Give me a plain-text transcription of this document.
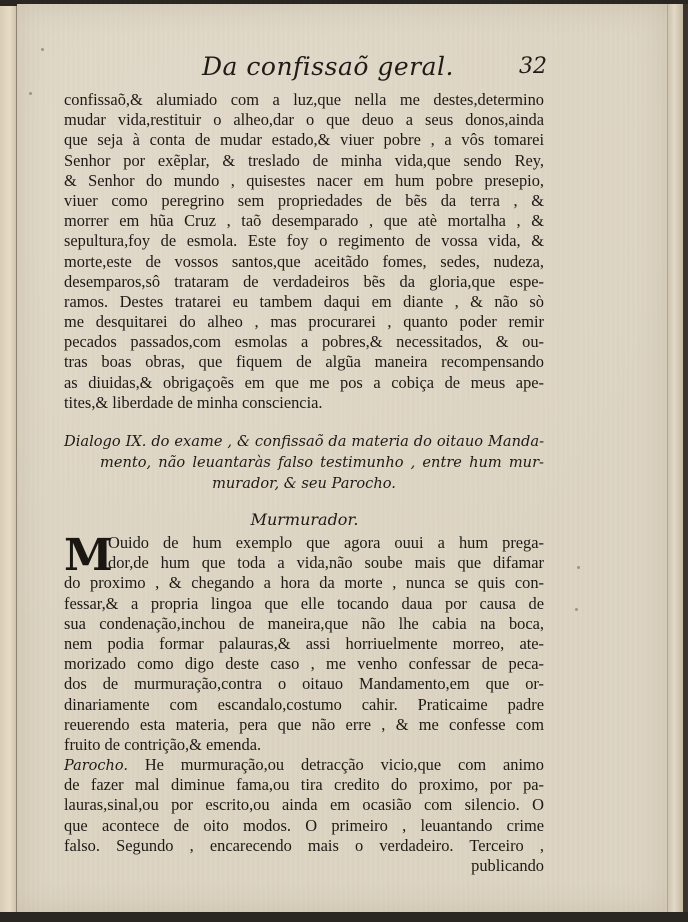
Da confissaõ geral.	32
confissaõ,& alumiado com a luz,que nella me destes,determino
mudar vida,restituir o alheo,dar o que deuo a seus donos,ainda
que seja à conta de mudar estado,& viuer pobre , a vôs tomarei
Senhor por exẽplar, & treslado de minha vida,que sendo Rey,
& Senhor do mundo , quisestes nacer em hum pobre presepio,
viuer como peregrino sem propriedades de bẽs da terra , &
morrer em hũa Cruz , taõ desemparado , que atè mortalha , &
sepultura,foy de esmola. Este foy o regimento de vossa vida, &
morte,este de vossos santos,que aceitãdo fomes, sedes, nudeza,
desemparos,sô trataram de verdadeiros bẽs da gloria,que espe-
ramos. Destes tratarei eu tambem daqui em diante , & não sò
me desquitarei do alheo , mas procurarei , quanto poder remir
pecados passados,com esmolas a pobres,& necessitados, & ou-
tras boas obras, que fiquem de algũa maneira recompensando
as diuidas,& obrigaçoẽs em que me pos a cobiça de meus ape-
tites,& liberdade de minha consciencia.
Dialogo IX. do exame , & confissaõ da materia do oitauo Manda-
mento, não leuantaràs falso testimunho , entre hum mur-
murador, & seu Parocho.
Murmurador.
M
Ouido de hum exemplo que agora ouui a hum prega-
dor,de hum que toda a vida,não soube mais que difamar
do proximo , & chegando a hora da morte , nunca se quis con-
fessar,& a propria lingoa que elle tocando daua por causa de
sua condenação,inchou de maneira,que não lhe cabia na boca,
nem podia formar palauras,& assi horriuelmente morreo, ate-
morizado como digo deste caso , me venho confessar de peca-
dos de murmuração,contra o oitauo Mandamento,em que or-
dinariamente com escandalo,costumo cahir. Praticaime padre
reuerendo esta materia, pera que não erre , & me confesse com
fruito de contrição,& emenda.
Parocho. He murmuração,ou detracção vicio,que com animo
de fazer mal diminue fama,ou tira credito do proximo, por pa-
lauras,sinal,ou por escrito,ou ainda em ocasião com silencio. O
que acontece de oito modos. O primeiro , leuantando crime
falso. Segundo , encarecendo mais o verdadeiro. Terceiro ,
publicando
